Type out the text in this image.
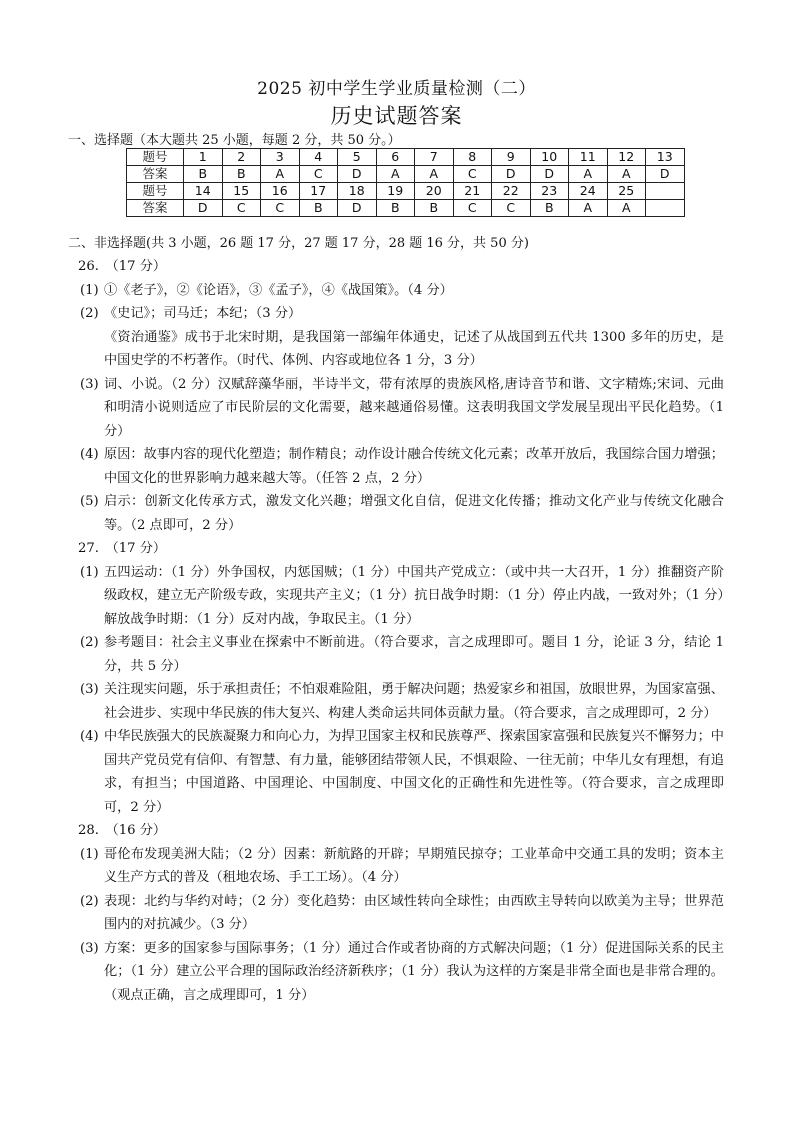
2025 初中学生学业质量检测（二）
历史试题答案
一、选择题（本大题共 25 小题，每题 2 分，共 50 分。）
题号	1	2	3	4	5	6	7	8	9	10	11	12	13
答案	B	B	A	C	D	A	A	C	D	D	A	A	D
题号	14	15	16	17	18	19	20	21	22	23	24	25	
答案	D	C	C	B	D	B	B	C	C	B	A	A	
二、非选择题(共 3 小题，26 题 17 分，27 题 17 分，28 题 16 分，共 50 分)
26.　（17 分）
(1) ①《老子》，②《论语》，③《孟子》，④《战国策》。（4 分）
(2) 《史记》；司马迁；本纪；（3 分）
《资治通鉴》成书于北宋时期，是我国第一部编年体通史，记述了从战国到五代共 1300 多年的历史，是中国史学的不朽著作。（时代、体例、内容或地位各 1 分，3 分）
(3) 词、小说。（2 分）汉赋辞藻华丽，半诗半文，带有浓厚的贵族风格,唐诗音节和谐、文字精炼;宋词、元曲和明清小说则适应了市民阶层的文化需要，越来越通俗易懂。这表明我国文学发展呈现出平民化趋势。（1 分）
(4) 原因：故事内容的现代化塑造；制作精良；动作设计融合传统文化元素；改革开放后，我国综合国力增强；中国文化的世界影响力越来越大等。（任答 2 点，2 分）
(5) 启示：创新文化传承方式，激发文化兴趣；增强文化自信，促进文化传播；推动文化产业与传统文化融合等。（2 点即可，2 分）
27.　（17 分）
(1) 五四运动：（1 分）外争国权，内惩国贼；（1 分）中国共产党成立：（或中共一大召开，1 分）推翻资产阶级政权，建立无产阶级专政，实现共产主义；（1 分）抗日战争时期：（1 分）停止内战，一致对外；（1 分）解放战争时期：（1 分）反对内战，争取民主。（1 分）
(2) 参考题目：社会主义事业在探索中不断前进。（符合要求，言之成理即可。题目 1 分，论证 3 分，结论 1 分，共 5 分）
(3) 关注现实问题，乐于承担责任；不怕艰难险阻，勇于解决问题；热爱家乡和祖国，放眼世界，为国家富强、社会进步、实现中华民族的伟大复兴、构建人类命运共同体贡献力量。（符合要求，言之成理即可，2 分）
(4) 中华民族强大的民族凝聚力和向心力，为捍卫国家主权和民族尊严、探索国家富强和民族复兴不懈努力；中国共产党员党有信仰、有智慧、有力量，能够团结带领人民，不惧艰险、一往无前；中华儿女有理想，有追求，有担当；中国道路、中国理论、中国制度、中国文化的正确性和先进性等。（符合要求，言之成理即可，2 分）
28.　（16 分）
(1) 哥伦布发现美洲大陆；（2 分）因素：新航路的开辟；早期殖民掠夺；工业革命中交通工具的发明；资本主义生产方式的普及（租地农场、手工工场）。（4 分）
(2) 表现：北约与华约对峙；（2 分）变化趋势：由区域性转向全球性；由西欧主导转向以欧美为主导；世界范围内的对抗减少。（3 分）
(3) 方案：更多的国家参与国际事务；（1 分）通过合作或者协商的方式解决问题；（1 分）促进国际关系的民主化；（1 分）建立公平合理的国际政治经济新秩序；（1 分）我认为这样的方案是非常全面也是非常合理的。（观点正确，言之成理即可，1 分）
